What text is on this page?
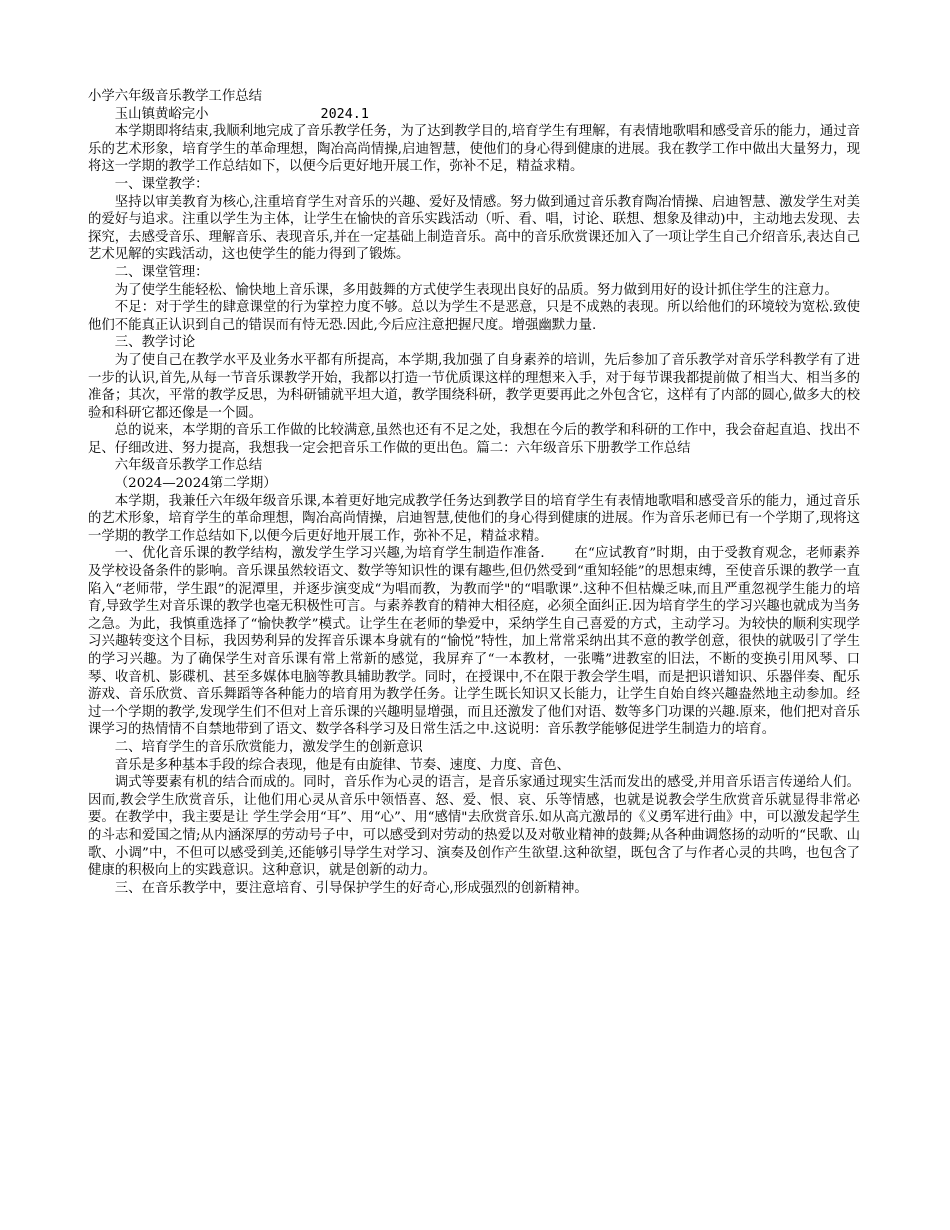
小学六年级音乐教学工作总结

玉山镇黄峪完小	2024.1

本学期即将结束,我顺利地完成了音乐教学任务，为了达到教学目的,培育学生有理解，有表情地歌唱和感受音乐的能力，通过音乐的艺术形象，培育学生的革命理想，陶冶高尚情操,启迪智慧，使他们的身心得到健康的进展。我在教学工作中做出大量努力，现将这一学期的教学工作总结如下，以便今后更好地开展工作，弥补不足，精益求精。

一、课堂教学：

坚持以审美教育为核心,注重培育学生对音乐的兴趣、爱好及情感。努力做到通过音乐教育陶冶情操、启迪智慧、激发学生对美的爱好与追求。注重以学生为主体，让学生在愉快的音乐实践活动（听、看、唱，讨论、联想、想象及律动)中，主动地去发现、去探究，去感受音乐、理解音乐、表现音乐,并在一定基础上制造音乐。高中的音乐欣赏课还加入了一项让学生自己介绍音乐,表达自己艺术见解的实践活动，这也使学生的能力得到了锻炼。

二、课堂管理：

为了使学生能轻松、愉快地上音乐课，多用鼓舞的方式使学生表现出良好的品质。努力做到用好的设计抓住学生的注意力。

不足：对于学生的肆意课堂的行为掌控力度不够。总以为学生不是恶意，只是不成熟的表现。所以给他们的环境较为宽松.致使他们不能真正认识到自己的错误而有恃无恐.因此,今后应注意把握尺度。增强幽默力量.

三、教学讨论

为了使自己在教学水平及业务水平都有所提高，本学期,我加强了自身素养的培训，先后参加了音乐教学对音乐学科教学有了进一步的认识,首先,从每一节音乐课教学开始，我都以打造一节优质课这样的理想来入手，对于每节课我都提前做了相当大、相当多的准备；其次，平常的教学反思，为科研铺就平坦大道，教学围绕科研，教学更要再此之外包含它，这样有了内部的圆心,做多大的校验和科研它都还像是一个圆。

总的说来，本学期的音乐工作做的比较满意,虽然也还有不足之处，我想在今后的教学和科研的工作中，我会奋起直追、找出不足、仔细改进、努力提高，我想我一定会把音乐工作做的更出色。篇二：六年级音乐下册教学工作总结

六年级音乐教学工作总结

（2024—2024第二学期）

本学期，我兼任六年级年级音乐课,本着更好地完成教学任务达到教学目的培育学生有表情地歌唱和感受音乐的能力，通过音乐的艺术形象，培育学生的革命理想，陶冶高尚情操，启迪智慧,使他们的身心得到健康的进展。作为音乐老师已有一个学期了,现将这一学期的教学工作总结如下,以便今后更好地开展工作，弥补不足，精益求精。

一、优化音乐课的教学结构，激发学生学习兴趣,为培育学生制造作准备．　　在“应试教育”时期，由于受教育观念，老师素养及学校设备条件的影响。音乐课虽然较语文、数学等知识性的课有趣些,但仍然受到“重知轻能”的思想束缚，至使音乐课的教学一直陷入“老师带，学生跟”的泥潭里，并逐步演变成“为唱而教，为教而学"的“唱歌课”.这种不但枯燥乏味,而且严重忽视学生能力的培育,导致学生对音乐课的教学也毫无积极性可言。与素养教育的精神大相径庭，必须全面纠正.因为培育学生的学习兴趣也就成为当务之急。为此，我慎重选择了“愉快教学”模式。让学生在老师的挚爱中，采纳学生自己喜爱的方式，主动学习。为较快的顺利实现学习兴趣转变这个目标，我因势利异的发挥音乐课本身就有的“愉悦”特性，加上常常采纳出其不意的教学创意，很快的就吸引了学生的学习兴趣。为了确保学生对音乐课有常上常新的感觉，我屏弃了“一本教材，一张嘴”进教室的旧法，不断的变换引用风琴、口琴、收音机、影碟机、甚至多媒体电脑等教具辅助教学。同时，在授课中,不在限于教会学生唱，而是把识谱知识、乐器伴奏、配乐游戏、音乐欣赏、音乐舞蹈等各种能力的培育用为教学任务。让学生既长知识又长能力，让学生自始自终兴趣盎然地主动参加。经过一个学期的教学,发现学生们不但对上音乐课的兴趣明显增强，而且还激发了他们对语、数等多门功课的兴趣.原来，他们把对音乐课学习的热情情不自禁地带到了语文、数学各科学习及日常生活之中.这说明：音乐教学能够促进学生制造力的培育。

二、培育学生的音乐欣赏能力，激发学生的创新意识

音乐是多种基本手段的综合表现，他是有由旋律、节奏、速度、力度、音色、

调式等要素有机的结合而成的。同时，音乐作为心灵的语言，是音乐家通过现实生活而发出的感受,并用音乐语言传递给人们。因而,教会学生欣赏音乐，让他们用心灵从音乐中领悟喜、怒、爱、恨、哀、乐等情感，也就是说教会学生欣赏音乐就显得非常必要。在教学中，我主要是让 学生学会用“耳”、用“心”、用“感情"去欣赏音乐.如从高亢激昂的《义勇军进行曲》中，可以激发起学生的斗志和爱国之情;从内涵深厚的劳动号子中，可以感受到对劳动的热爱以及对敬业精神的鼓舞;从各种曲调悠扬的动听的“民歌、山歌、小调”中，不但可以感受到美,还能够引导学生对学习、演奏及创作产生欲望.这种欲望，既包含了与作者心灵的共鸣，也包含了健康的积极向上的实践意识。这种意识，就是创新的动力。

三、在音乐教学中，要注意培育、引导保护学生的好奇心,形成强烈的创新精神。
